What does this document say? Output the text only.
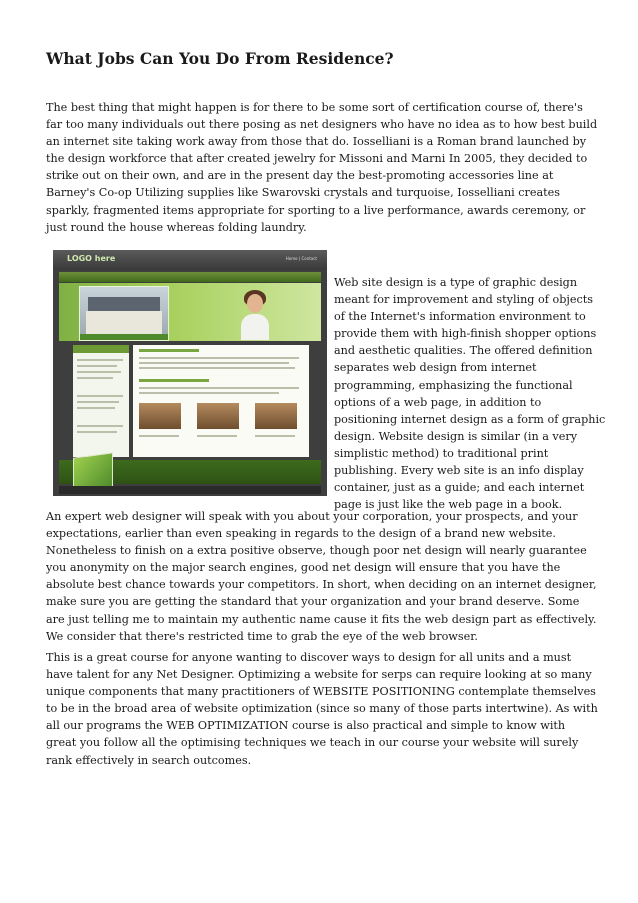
What Jobs Can You Do From Residence?

The best thing that might happen is for there to be some sort of certification course of, there's far too many individuals out there posing as net designers who have no idea as to how best build an internet site taking work away from those that do. Iosselliani is a Roman brand launched by the design workforce that after created jewelry for Missoni and Marni In 2005, they decided to strike out on their own, and are in the present day the best-promoting accessories line at Barney's Co-op Utilizing supplies like Swarovski crystals and turquoise, Iosselliani creates sparkly, fragmented items appropriate for sporting to a live performance, awards ceremony, or just round the house whereas folding laundry.

LOGO here	Home | Contact

Web site design is a type of graphic design meant for improvement and styling of objects of the Internet's information environment to provide them with high-finish shopper options and aesthetic qualities. The offered definition separates web design from internet programming, emphasizing the functional options of a web page, in addition to positioning internet design as a form of graphic design. Website design is similar (in a very simplistic method) to traditional print publishing. Every web site is an info display container, just as a guide; and each internet page is just like the web page in a book.

An expert web designer will speak with you about your corporation, your prospects, and your expectations, earlier than even speaking in regards to the design of a brand new website. Nonetheless to finish on a extra positive observe, though poor net design will nearly guarantee you anonymity on the major search engines, good net design will ensure that you have the absolute best chance towards your competitors. In short, when deciding on an internet designer, make sure you are getting the standard that your organization and your brand deserve. Some are just telling me to maintain my authentic name cause it fits the web design part as effectively. We consider that there's restricted time to grab the eye of the web browser.

This is a great course for anyone wanting to discover ways to design for all units and a must have talent for any Net Designer. Optimizing a website for serps can require looking at so many unique components that many practitioners of WEBSITE POSITIONING contemplate themselves to be in the broad area of website optimization (since so many of those parts intertwine). As with all our programs the WEB OPTIMIZATION course is also practical and simple to know with great you follow all the optimising techniques we teach in our course your website will surely rank effectively in search outcomes.
